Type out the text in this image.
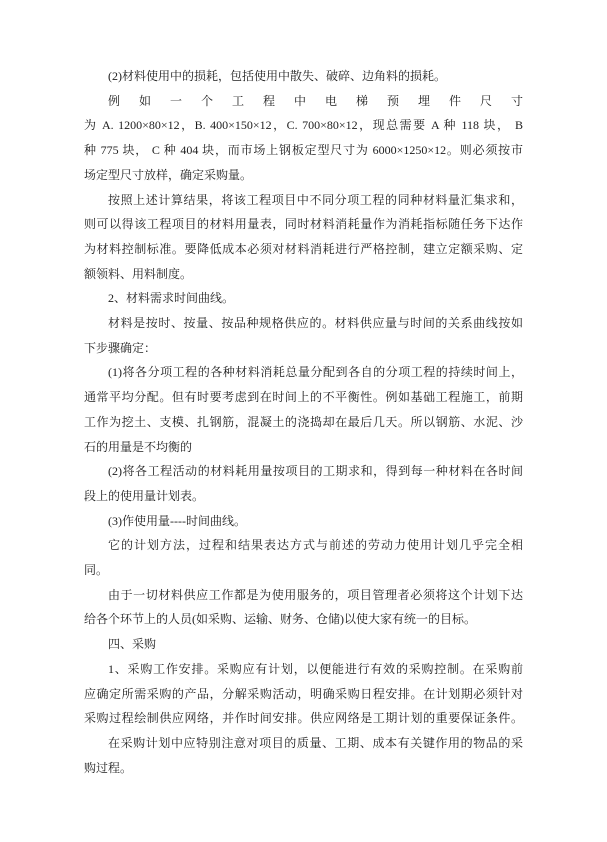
(2)材料使用中的损耗，包括使用中散失、破碎、边角料的损耗。
例 如 一 个 工 程 中 电 梯 预 埋 件 尺 寸
为 A. 1200×80×12，B. 400×150×12，C. 700×80×12，现总需要 A 种 118 块， B
种 775 块， C 种 404 块，而市场上钢板定型尺寸为 6000×1250×12。则必须按市
场定型尺寸放样，确定采购量。
按照上述计算结果，将该工程项目中不同分项工程的同种材料量汇集求和，
则可以得该工程项目的材料用量表，同时材料消耗量作为消耗指标随任务下达作
为材料控制标准。要降低成本必须对材料消耗进行严格控制，建立定额采购、定
额领料、用料制度。
2、材料需求时间曲线。
材料是按时、按量、按品种规格供应的。材料供应量与时间的关系曲线按如
下步骤确定：
(1)将各分项工程的各种材料消耗总量分配到各自的分项工程的持续时间上，
通常平均分配。但有时要考虑到在时间上的不平衡性。例如基础工程施工，前期
工作为挖土、支模、扎钢筋，混凝土的浇捣却在最后几天。所以钢筋、水泥、沙
石的用量是不均衡的
(2)将各工程活动的材料耗用量按项目的工期求和，得到每一种材料在各时间
段上的使用量计划表。
(3)作使用量----时间曲线。
它的计划方法，过程和结果表达方式与前述的劳动力使用计划几乎完全相
同。
由于一切材料供应工作都是为使用服务的，项目管理者必须将这个计划下达
给各个环节上的人员(如采购、运输、财务、仓储)以使大家有统一的目标。
四、采购
1、采购工作安排。采购应有计划，以便能进行有效的采购控制。在采购前
应确定所需采购的产品，分解采购活动，明确采购日程安排。在计划期必须针对
采购过程绘制供应网络，并作时间安排。供应网络是工期计划的重要保证条件。
在采购计划中应特别注意对项目的质量、工期、成本有关键作用的物品的采
购过程。
